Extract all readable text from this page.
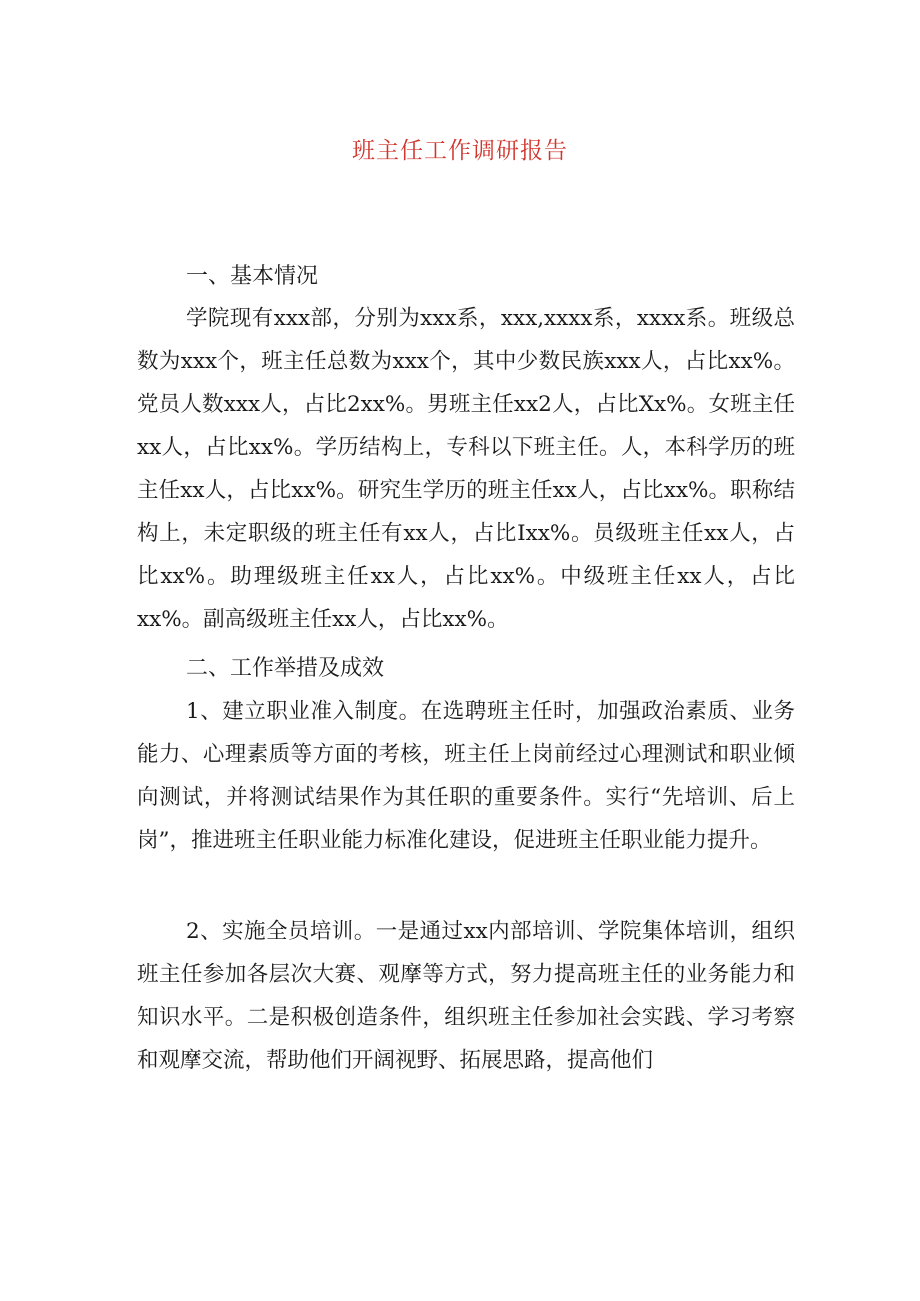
班主任工作调研报告
一、基本情况

学院现有xxx部，分别为xxx系，xxx,xxxx系，xxxx系。班级总数为xxx个，班主任总数为xxx个，其中少数民族xxx人，占比xx%。党员人数xxx人，占比2xx%。男班主任xx2人，占比Xx%。女班主任xx人，占比xx%。学历结构上，专科以下班主任。人，本科学历的班主任xx人，占比xx%。研究生学历的班主任xx人，占比xx%。职称结构上，未定职级的班主任有xx人，占比Ixx%。员级班主任xx人，占比xx%。助理级班主任xx人，占比xx%。中级班主任xx人，占比xx%。副高级班主任xx人，占比xx%。

二、工作举措及成效

1、建立职业准入制度。在选聘班主任时，加强政治素质、业务能力、心理素质等方面的考核，班主任上岗前经过心理测试和职业倾向测试，并将测试结果作为其任职的重要条件。实行“先培训、后上岗”，推进班主任职业能力标准化建设，促进班主任职业能力提升。

2、实施全员培训。一是通过xx内部培训、学院集体培训，组织班主任参加各层次大赛、观摩等方式，努力提高班主任的业务能力和知识水平。二是积极创造条件，组织班主任参加社会实践、学习考察和观摩交流，帮助他们开阔视野、拓展思路，提高他们
